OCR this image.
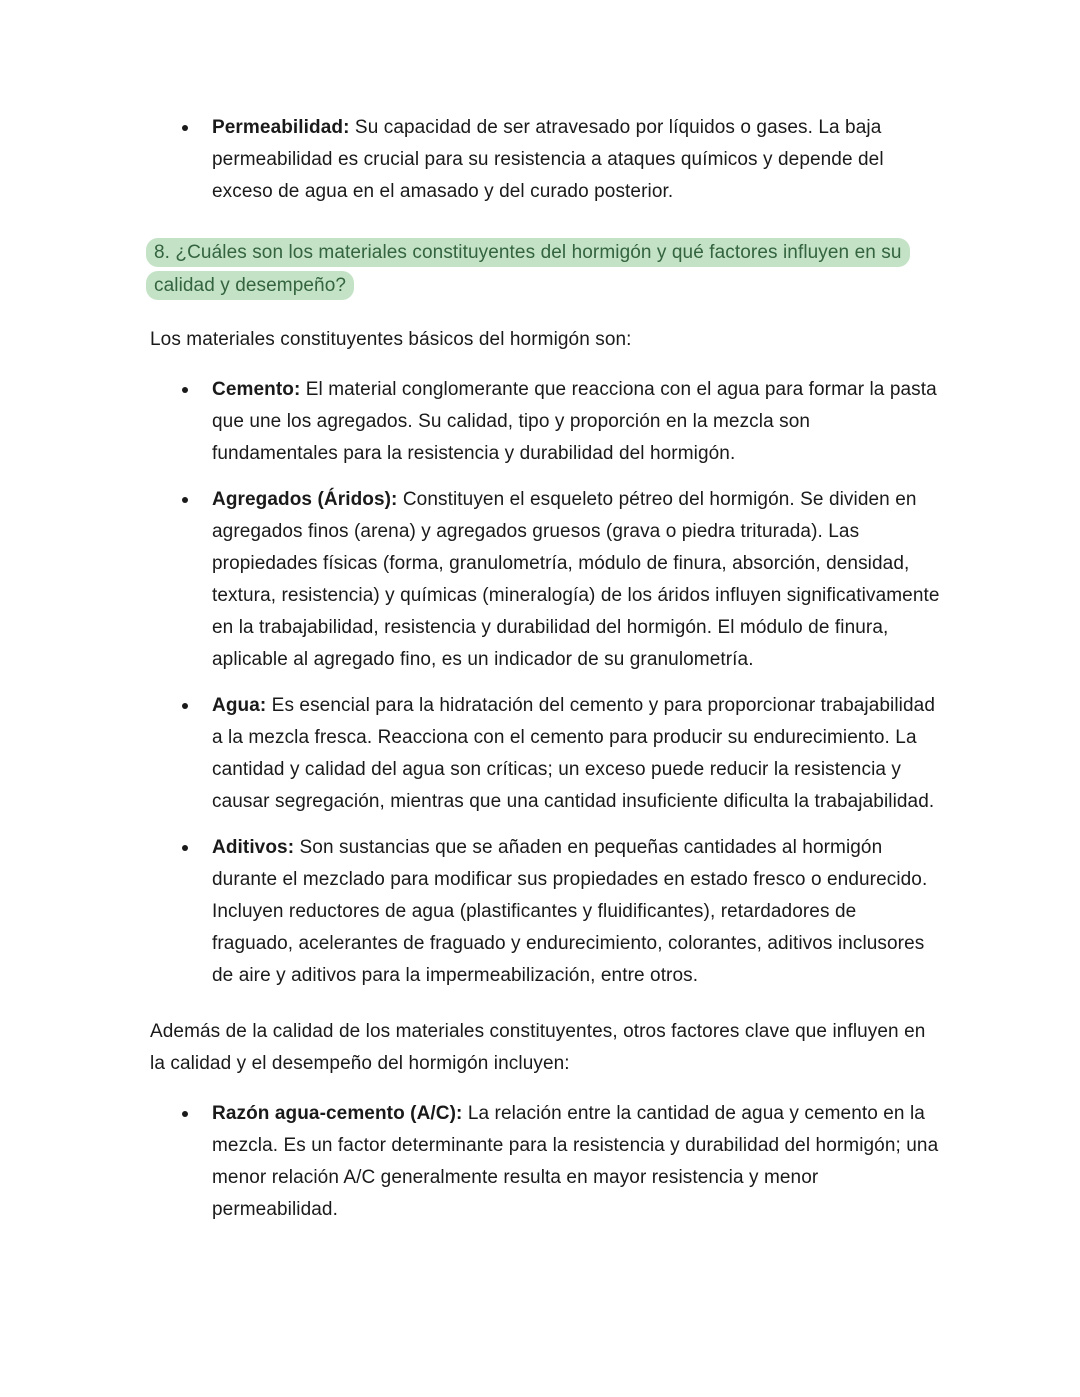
Permeabilidad: Su capacidad de ser atravesado por líquidos o gases. La baja permeabilidad es crucial para su resistencia a ataques químicos y depende del exceso de agua en el amasado y del curado posterior.

8. ¿Cuáles son los materiales constituyentes del hormigón y qué factores influyen en su calidad y desempeño?

Los materiales constituyentes básicos del hormigón son:

Cemento: El material conglomerante que reacciona con el agua para formar la pasta que une los agregados. Su calidad, tipo y proporción en la mezcla son fundamentales para la resistencia y durabilidad del hormigón.
Agregados (Áridos): Constituyen el esqueleto pétreo del hormigón. Se dividen en agregados finos (arena) y agregados gruesos (grava o piedra triturada). Las propiedades físicas (forma, granulometría, módulo de finura, absorción, densidad, textura, resistencia) y químicas (mineralogía) de los áridos influyen significativamente en la trabajabilidad, resistencia y durabilidad del hormigón. El módulo de finura, aplicable al agregado fino, es un indicador de su granulometría.
Agua: Es esencial para la hidratación del cemento y para proporcionar trabajabilidad a la mezcla fresca. Reacciona con el cemento para producir su endurecimiento. La cantidad y calidad del agua son críticas; un exceso puede reducir la resistencia y causar segregación, mientras que una cantidad insuficiente dificulta la trabajabilidad.
Aditivos: Son sustancias que se añaden en pequeñas cantidades al hormigón durante el mezclado para modificar sus propiedades en estado fresco o endurecido. Incluyen reductores de agua (plastificantes y fluidificantes), retardadores de fraguado, acelerantes de fraguado y endurecimiento, colorantes, aditivos inclusores de aire y aditivos para la impermeabilización, entre otros.

Además de la calidad de los materiales constituyentes, otros factores clave que influyen en la calidad y el desempeño del hormigón incluyen:

Razón agua-cemento (A/C): La relación entre la cantidad de agua y cemento en la mezcla. Es un factor determinante para la resistencia y durabilidad del hormigón; una menor relación A/C generalmente resulta en mayor resistencia y menor permeabilidad.
